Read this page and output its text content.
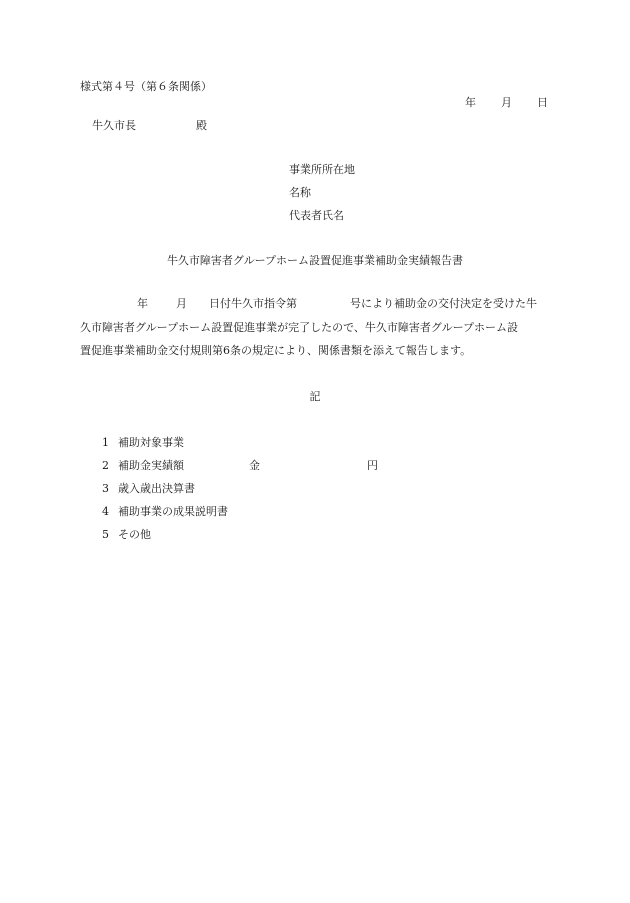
様式第４号（第６条関係）
年 月 日
牛久市長	殿
事業所所在地
名称
代表者氏名
牛久市障害者グループホーム設置促進事業補助金実績報告書
年	月 日付牛久市指令第	号により補助金の交付決定を受けた牛
久市障害者グループホーム設置促進事業が完了したので、牛久市障害者グループホーム設
置促進事業補助金交付規則第6条の規定により、関係書類を添えて報告します。
記
1 補助対象事業
2 補助金実績額	金	円
3 歳入歳出決算書
4 補助事業の成果説明書
5 その他
